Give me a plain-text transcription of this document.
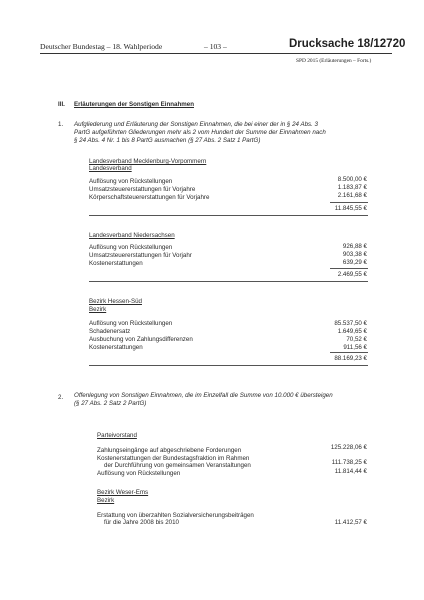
Deutscher Bundestag – 18. Wahlperiode	– 103 –	Drucksache 18/12720
SPD 2015 (Erläuterungen – Forts.)
III. Erläuterungen der Sonstigen Einnahmen
1. Aufgliederung und Erläuterung der Sonstigen Einnahmen, die bei einer der in § 24 Abs. 3
PartG aufgeführten Gliederungen mehr als 2 vom Hundert der Summe der Einnahmen nach
§ 24 Abs. 4 Nr. 1 bis 8 PartG ausmachen (§ 27 Abs. 2 Satz 1 PartG)
Landesverband Mecklenburg-Vorpommern
Landesverband
Auflösung von Rückstellungen	8.500,00 €
Umsatzsteuererstattungen für Vorjahre	1.183,87 €
Körperschaftsteuererstattungen für Vorjahre	2.161,68 €
11.845,55 €
Landesverband Niedersachsen
Auflösung von Rückstellungen	926,88 €
Umsatzsteuererstattungen für Vorjahr	903,38 €
Kostenerstattungen	639,29 €
2.469,55 €
Bezirk Hessen-Süd
Bezirk
Auflösung von Rückstellungen	85.537,50 €
Schadenersatz	1.649,65 €
Ausbuchung von Zahlungsdifferenzen	70,52 €
Kostenerstattungen	911,56 €
88.169,23 €
2. Offenlegung von Sonstigen Einnahmen, die im Einzelfall die Summe von 10.000 € übersteigen
(§ 27 Abs. 2 Satz 2 PartG)
Parteivorstand
Zahlungseingänge auf abgeschriebene Forderungen	125.228,06 €
Kostenerstattungen der Bundestagsfraktion im Rahmen
der Durchführung von gemeinsamen Veranstaltungen	111.738,25 €
Auflösung von Rückstellungen	11.814,44 €
Bezirk Weser-Ems
Bezirk
Erstattung von überzahlten Sozialversicherungsbeiträgen
für die Jahre 2008 bis 2010	11.412,57 €
